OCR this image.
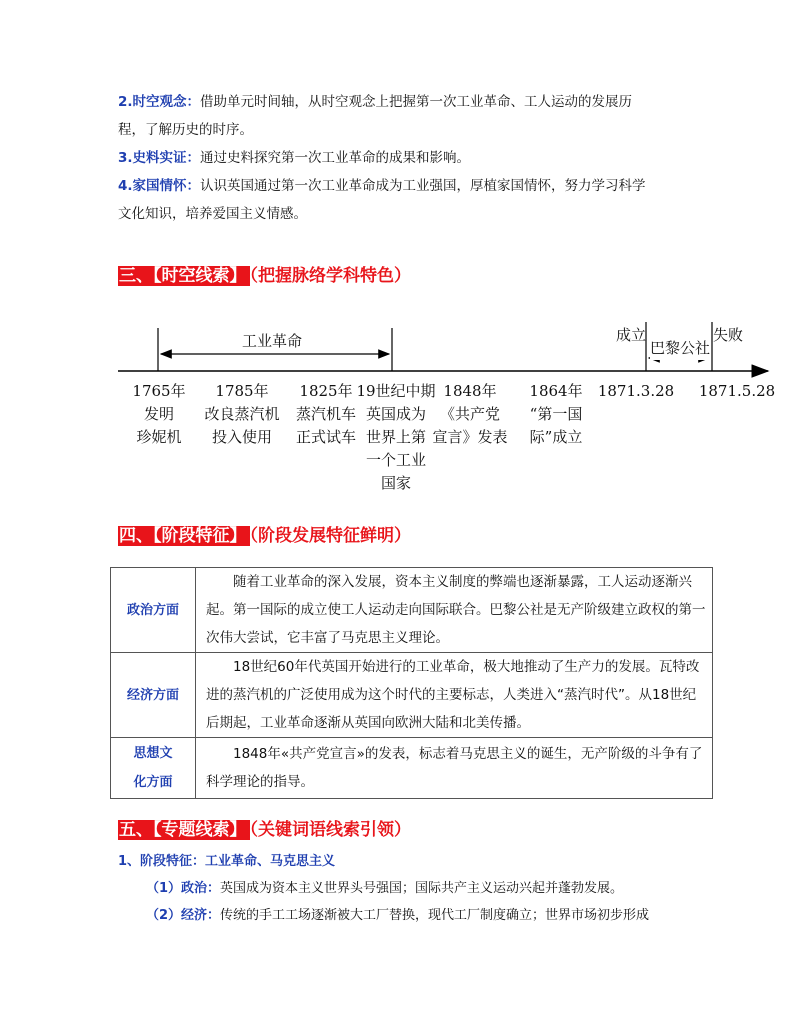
2.时空观念：借助单元时间轴，从时空观念上把握第一次工业革命、工人运动的发展历
程，了解历史的时序。
3.史料实证：通过史料探究第一次工业革命的成果和影响。
4.家国情怀：认识英国通过第一次工业革命成为工业强国，厚植家国情怀，努力学习科学
文化知识，培养爱国主义情感。
三、【时空线索】 （把握脉络学科特色）
工业革命	成立
巴黎公社
失败
1765年
发明
珍妮机
1785年
改良蒸汽机
投入使用
1825年
蒸汽机车
正式试车
19世纪中期
英国成为
世界上第
一个工业
国家
1848年
《共产党
宣言》发表
1864年
“第一国
际”成立
1871.3.28	1871.5.28
四、【阶段特征】 （阶段发展特征鲜明）
政治方面	随着工业革命的深入发展，资本主义制度的弊端也逐渐暴露，工人运动逐渐兴起。第一国际的成立使工人运动走向国际联合。巴黎公社是无产阶级建立政权的第一次伟大尝试，它丰富了马克思主义理论。
经济方面	18世纪60年代英国开始进行的工业革命，极大地推动了生产力的发展。瓦特改进的蒸汽机的广泛使用成为这个时代的主要标志，人类进入“蒸汽时代”。从18世纪后期起，工业革命逐渐从英国向欧洲大陆和北美传播。
思想文
化方面	1848年«共产党宣言»的发表，标志着马克思主义的诞生，无产阶级的斗争有了科学理论的指导。
五、【专题线索】 （关键词语线索引领）
1、阶段特征：工业革命、马克思主义
（1）政治：英国成为资本主义世界头号强国；国际共产主义运动兴起并蓬勃发展。
（2）经济：传统的手工工场逐渐被大工厂替换，现代工厂制度确立；世界市场初步形成
